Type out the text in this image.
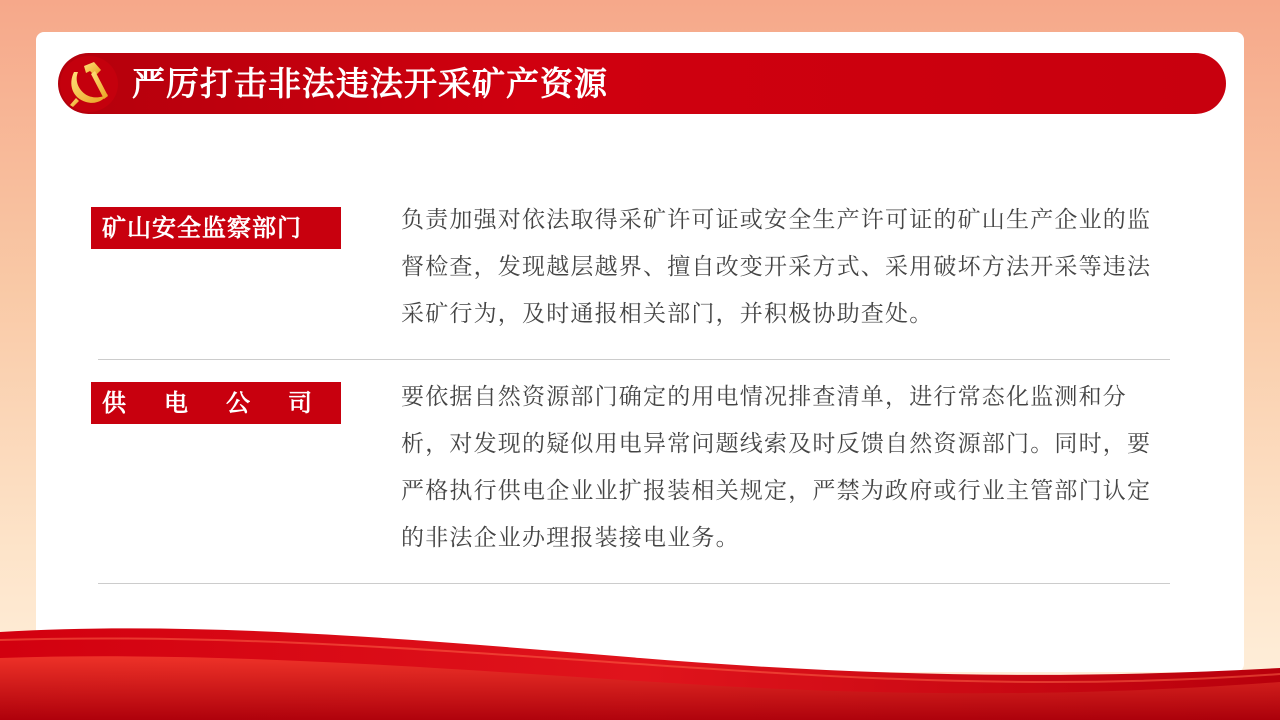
严厉打击非法违法开采矿产资源
矿山安全监察部门	负责加强对依法取得采矿许可证或安全生产许可证的矿山生产企业的监督检查，发现越层越界、擅自改变开采方式、采用破坏方法开采等违法采矿行为，及时通报相关部门，并积极协助查处。
供 电 公 司	要依据自然资源部门确定的用电情况排查清单，进行常态化监测和分析，对发现的疑似用电异常问题线索及时反馈自然资源部门。同时，要严格执行供电企业业扩报装相关规定，严禁为政府或行业主管部门认定的非法企业办理报装接电业务。
